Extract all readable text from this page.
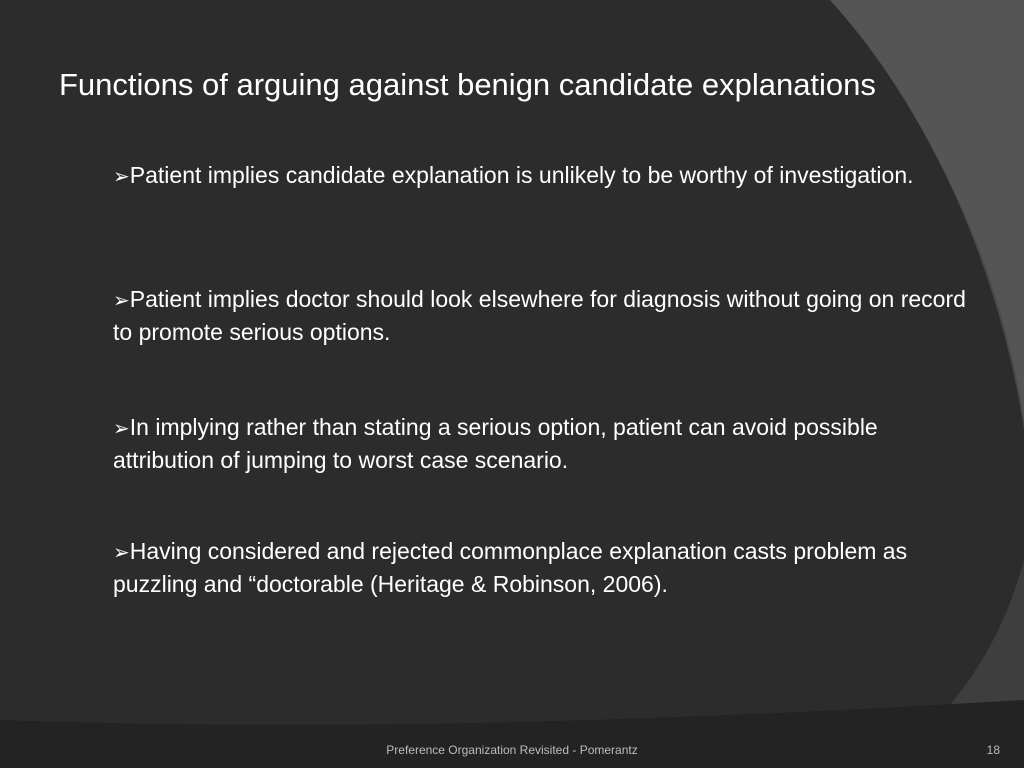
Functions of arguing against benign candidate explanations
➢Patient implies candidate explanation is unlikely to be worthy of investigation.
➢Patient implies doctor should look elsewhere for diagnosis without going on record to promote serious options.
➢In implying rather than stating a serious option, patient can avoid possible attribution of jumping to worst case scenario.
➢Having considered and rejected commonplace explanation casts problem as puzzling and “doctorable (Heritage & Robinson, 2006).
Preference Organization Revisited - Pomerantz	18
